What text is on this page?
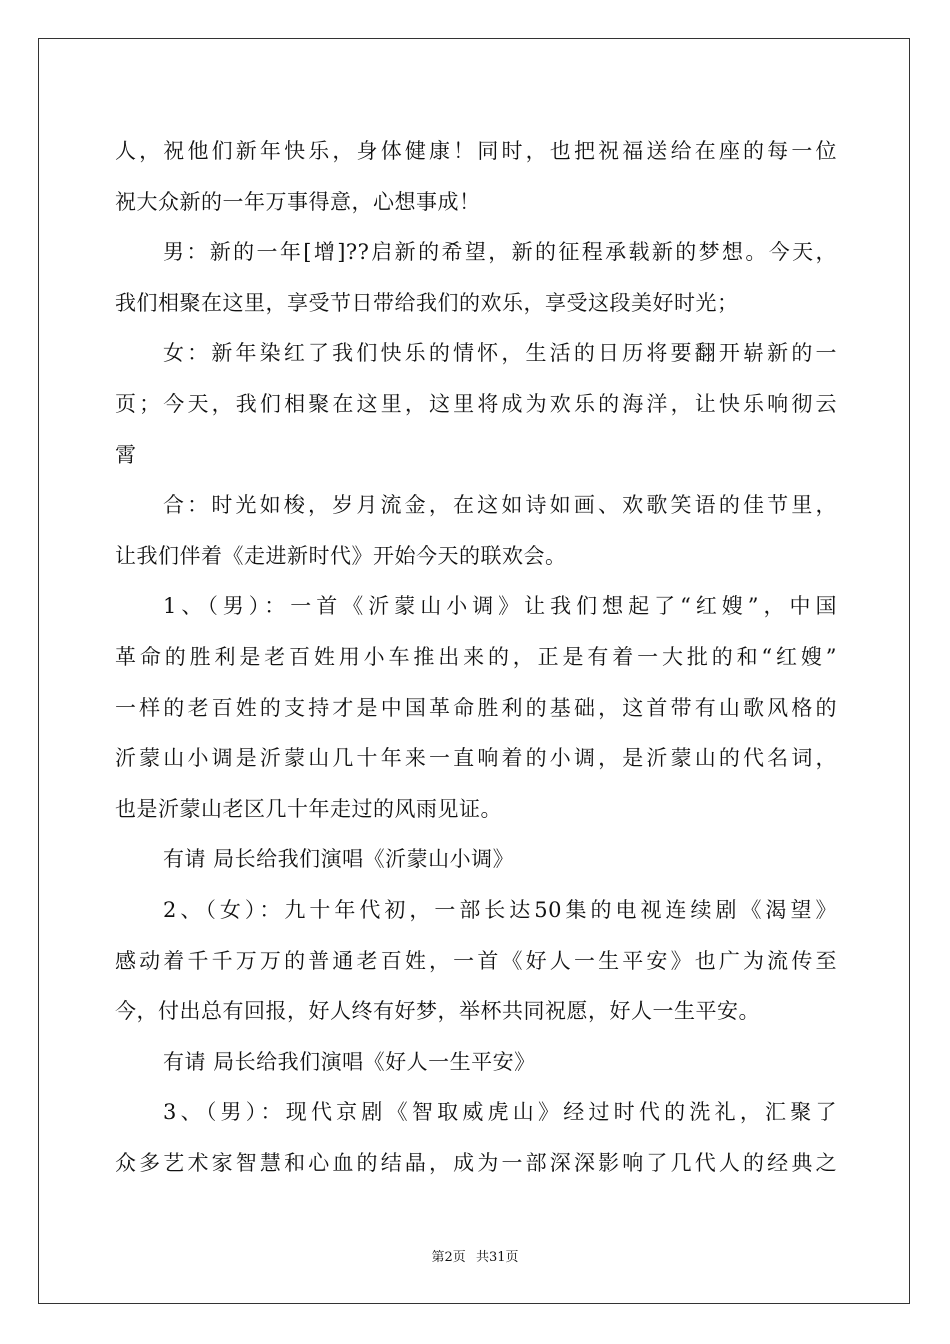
人，祝他们新年快乐，身体健康！同时，也把祝福送给在座的每一位
祝大众新的一年万事得意，心想事成！
男：新的一年[增]??启新的希望，新的征程承载新的梦想。今天，
我们相聚在这里，享受节日带给我们的欢乐，享受这段美好时光；
女：新年染红了我们快乐的情怀，生活的日历将要翻开崭新的一
页；今天，我们相聚在这里，这里将成为欢乐的海洋，让快乐响彻云
霄
合：时光如梭，岁月流金，在这如诗如画、欢歌笑语的佳节里，
让我们伴着《走进新时代》开始今天的联欢会。
1、（男）：一首《沂蒙山小调》让我们想起了“红嫂”，中国
革命的胜利是老百姓用小车推出来的，正是有着一大批的和“红嫂”
一样的老百姓的支持才是中国革命胜利的基础，这首带有山歌风格的
沂蒙山小调是沂蒙山几十年来一直响着的小调，是沂蒙山的代名词，
也是沂蒙山老区几十年走过的风雨见证。
有请 局长给我们演唱《沂蒙山小调》
2、（女）：九十年代初，一部长达50集的电视连续剧《渴望》
感动着千千万万的普通老百姓，一首《好人一生平安》也广为流传至
今，付出总有回报，好人终有好梦，举杯共同祝愿，好人一生平安。
有请 局长给我们演唱《好人一生平安》
3、（男）：现代京剧《智取威虎山》经过时代的洗礼，汇聚了
众多艺术家智慧和心血的结晶，成为一部深深影响了几代人的经典之
第2页 共31页
